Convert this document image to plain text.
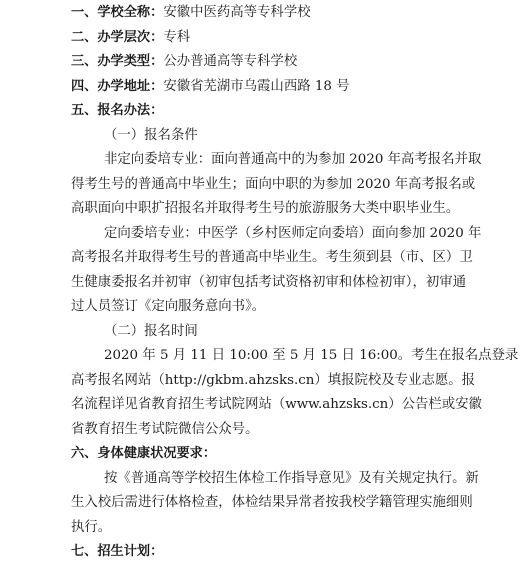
一、学校全称：安徽中医药高等专科学校
二、办学层次：专科
三、办学类型：公办普通高等专科学校
四、办学地址：安徽省芜湖市乌霞山西路 18 号
五、报名办法：
（一）报名条件
非定向委培专业：面向普通高中的为参加 2020 年高考报名并取
得考生号的普通高中毕业生；面向中职的为参加 2020 年高考报名或
高职面向中职扩招报名并取得考生号的旅游服务大类中职毕业生。
定向委培专业：中医学（乡村医师定向委培）面向参加 2020 年
高考报名并取得考生号的普通高中毕业生。考生须到县（市、区）卫
生健康委报名并初审（初审包括考试资格初审和体检初审），初审通
过人员签订《定向服务意向书》。
（二）报名时间
2020 年 5 月 11 日 10:00 至 5 月 15 日 16:00。考生在报名点登录
高考报名网站（http://gkbm.ahzsks.cn）填报院校及专业志愿。报
名流程详见省教育招生考试院网站（www.ahzsks.cn）公告栏或安徽
省教育招生考试院微信公众号。
六、身体健康状况要求：
按《普通高等学校招生体检工作指导意见》及有关规定执行。新
生入校后需进行体格检查，体检结果异常者按我校学籍管理实施细则
执行。
七、招生计划：
